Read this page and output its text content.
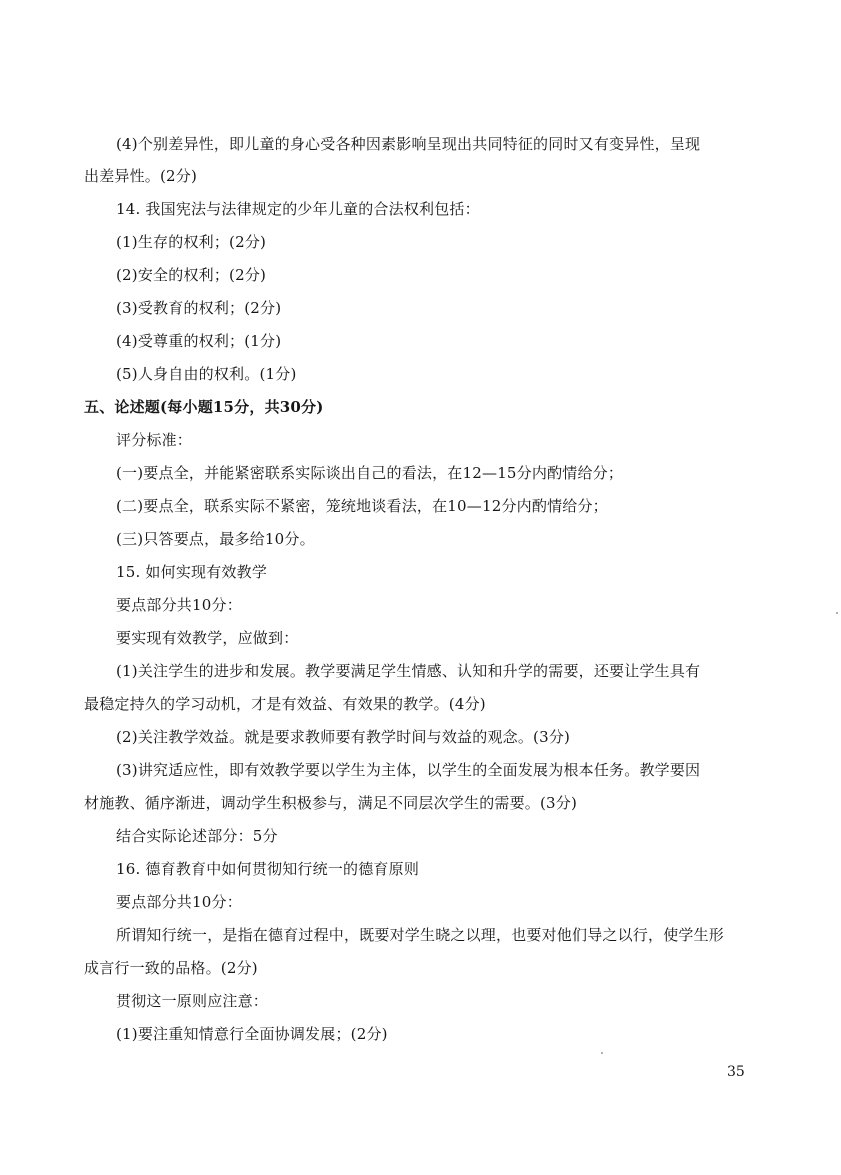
(4)个别差异性，即儿童的身心受各种因素影响呈现出共同特征的同时又有变异性，呈现
出差异性。(2分)
14. 我国宪法与法律规定的少年儿童的合法权利包括：
(1)生存的权利；(2分)
(2)安全的权利；(2分)
(3)受教育的权利；(2分)
(4)受尊重的权利；(1分)
(5)人身自由的权利。(1分)
五、论述题(每小题15分，共30分)
评分标准：
(一)要点全，并能紧密联系实际谈出自己的看法，在12—15分内酌情给分；
(二)要点全，联系实际不紧密，笼统地谈看法，在10—12分内酌情给分；
(三)只答要点，最多给10分。
15. 如何实现有效教学
要点部分共10分：
要实现有效教学，应做到：
(1)关注学生的进步和发展。教学要满足学生情感、认知和升学的需要，还要让学生具有
最稳定持久的学习动机，才是有效益、有效果的教学。(4分)
(2)关注教学效益。就是要求教师要有教学时间与效益的观念。(3分)
(3)讲究适应性，即有效教学要以学生为主体，以学生的全面发展为根本任务。教学要因
材施教、循序渐进，调动学生积极参与，满足不同层次学生的需要。(3分)
结合实际论述部分：5分
16. 德育教育中如何贯彻知行统一的德育原则
要点部分共10分：
所谓知行统一，是指在德育过程中，既要对学生晓之以理，也要对他们导之以行，使学生形
成言行一致的品格。(2分)
贯彻这一原则应注意：
(1)要注重知情意行全面协调发展；(2分)
35
